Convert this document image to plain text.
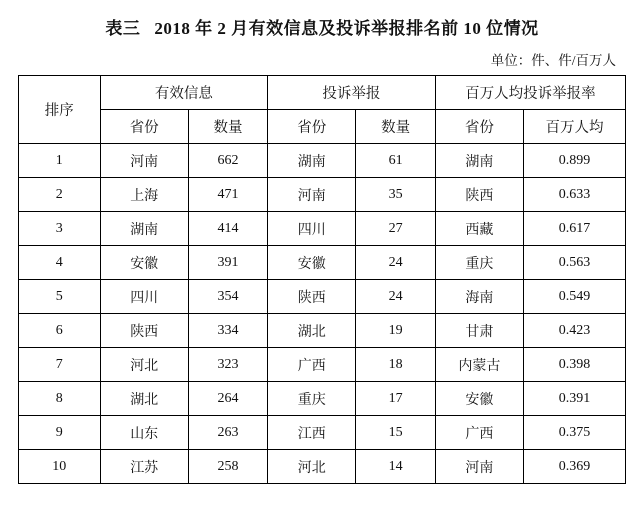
表三 2018 年 2 月有效信息及投诉举报排名前 10 位情况
单位：件、件/百万人
排序	有效信息		投诉举报		百万人均投诉举报率	
	省份	数量	省份	数量	省份	百万人均
1	河南	662	湖南	61	湖南	0.899
2	上海	471	河南	35	陕西	0.633
3	湖南	414	四川	27	西藏	0.617
4	安徽	391	安徽	24	重庆	0.563
5	四川	354	陕西	24	海南	0.549
6	陕西	334	湖北	19	甘肃	0.423
7	河北	323	广西	18	内蒙古	0.398
8	湖北	264	重庆	17	安徽	0.391
9	山东	263	江西	15	广西	0.375
10	江苏	258	河北	14	河南	0.369
